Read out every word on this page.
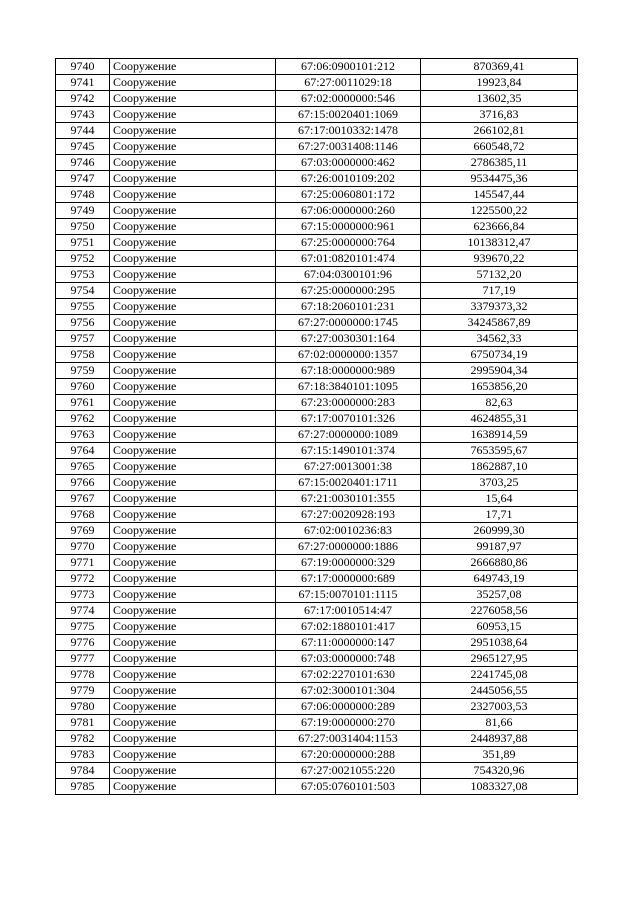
9740	Сооружение	67:06:0900101:212	870369,41
9741	Сооружение	67:27:0011029:18	19923,84
9742	Сооружение	67:02:0000000:546	13602,35
9743	Сооружение	67:15:0020401:1069	3716,83
9744	Сооружение	67:17:0010332:1478	266102,81
9745	Сооружение	67:27:0031408:1146	660548,72
9746	Сооружение	67:03:0000000:462	2786385,11
9747	Сооружение	67:26:0010109:202	9534475,36
9748	Сооружение	67:25:0060801:172	145547,44
9749	Сооружение	67:06:0000000:260	1225500,22
9750	Сооружение	67:15:0000000:961	623666,84
9751	Сооружение	67:25:0000000:764	10138312,47
9752	Сооружение	67:01:0820101:474	939670,22
9753	Сооружение	67:04:0300101:96	57132,20
9754	Сооружение	67:25:0000000:295	717,19
9755	Сооружение	67:18:2060101:231	3379373,32
9756	Сооружение	67:27:0000000:1745	34245867,89
9757	Сооружение	67:27:0030301:164	34562,33
9758	Сооружение	67:02:0000000:1357	6750734,19
9759	Сооружение	67:18:0000000:989	2995904,34
9760	Сооружение	67:18:3840101:1095	1653856,20
9761	Сооружение	67:23:0000000:283	82,63
9762	Сооружение	67:17:0070101:326	4624855,31
9763	Сооружение	67:27:0000000:1089	1638914,59
9764	Сооружение	67:15:1490101:374	7653595,67
9765	Сооружение	67:27:0013001:38	1862887,10
9766	Сооружение	67:15:0020401:1711	3703,25
9767	Сооружение	67:21:0030101:355	15,64
9768	Сооружение	67:27:0020928:193	17,71
9769	Сооружение	67:02:0010236:83	260999,30
9770	Сооружение	67:27:0000000:1886	99187,97
9771	Сооружение	67:19:0000000:329	2666880,86
9772	Сооружение	67:17:0000000:689	649743,19
9773	Сооружение	67:15:0070101:1115	35257,08
9774	Сооружение	67:17:0010514:47	2276058,56
9775	Сооружение	67:02:1880101:417	60953,15
9776	Сооружение	67:11:0000000:147	2951038,64
9777	Сооружение	67:03:0000000:748	2965127,95
9778	Сооружение	67:02:2270101:630	2241745,08
9779	Сооружение	67:02:3000101:304	2445056,55
9780	Сооружение	67:06:0000000:289	2327003,53
9781	Сооружение	67:19:0000000:270	81,66
9782	Сооружение	67:27:0031404:1153	2448937,88
9783	Сооружение	67:20:0000000:288	351,89
9784	Сооружение	67:27:0021055:220	754320,96
9785	Сооружение	67:05:0760101:503	1083327,08
